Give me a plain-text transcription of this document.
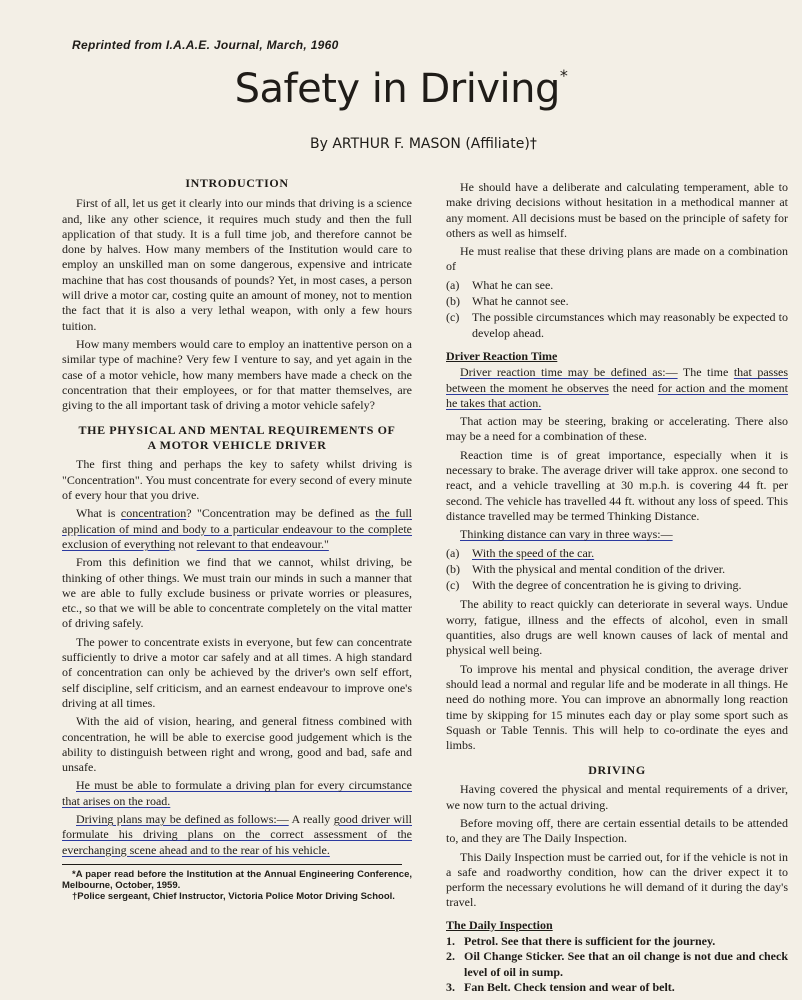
Reprinted from I.A.A.E. Journal, March, 1960
Safety in Driving*
By ARTHUR F. MASON (Affiliate)†
INTRODUCTION

First of all, let us get it clearly into our minds that driving is a science and, like any other science, it requires much study and then the full application of that study. It is a full time job, and therefore cannot be done by halves. How many members of the Institution would care to employ an unskilled man on some dangerous, expensive and intricate machine that has cost thousands of pounds? Yet, in most cases, a person will drive a motor car, costing quite an amount of money, not to mention the fact that it is also a very lethal weapon, with only a few hours tuition.

How many members would care to employ an inattentive person on a similar type of machine? Very few I venture to say, and yet again in the case of a motor vehicle, how many members have made a check on the concentration that their employees, or for that matter themselves, are giving to the all important task of driving a motor vehicle safely?

THE PHYSICAL AND MENTAL REQUIREMENTS OF
A MOTOR VEHICLE DRIVER

The first thing and perhaps the key to safety whilst driving is "Concentration". You must concentrate for every second of every minute of every hour that you drive.

What is concentration? "Concentration may be defined as the full application of mind and body to a particular endeavour to the complete exclusion of everything not relevant to that endeavour."

From this definition we find that we cannot, whilst driving, be thinking of other things. We must train our minds in such a manner that we are able to fully exclude business or private worries or pleasures, etc., so that we will be able to concentrate completely on the vital matter of driving safely.

The power to concentrate exists in everyone, but few can concentrate sufficiently to drive a motor car safely and at all times. A high standard of concentration can only be achieved by the driver's own self effort, self discipline, self criticism, and an earnest endeavour to improve one's driving at all times.

With the aid of vision, hearing, and general fitness combined with concentration, he will be able to exercise good judgement which is the ability to distinguish between right and wrong, good and bad, safe and unsafe.

He must be able to formulate a driving plan for every circumstance that arises on the road.

Driving plans may be defined as follows:— A really good driver will formulate his driving plans on the correct assessment of the everchanging scene ahead and to the rear of his vehicle.

*A paper read before the Institution at the Annual Engineering Conference, Melbourne, October, 1959.

†Police sergeant, Chief Instructor, Victoria Police Motor Driving School.

He should have a deliberate and calculating temperament, able to make driving decisions without hesitation in a methodical manner at any moment. All decisions must be based on the principle of safety for others as well as himself.

He must realise that these driving plans are made on a combination of

(a)	What he can see.
(b)	What he cannot see.
(c)	The possible circumstances which may reasonably be expected to develop ahead.
Driver Reaction Time

Driver reaction time may be defined as:— The time that passes between the moment he observes the need for action and the moment he takes that action.

That action may be steering, braking or accelerating. There also may be a need for a combination of these.

Reaction time is of great importance, especially when it is necessary to brake. The average driver will take approx. one second to react, and a vehicle travelling at 30 m.p.h. is covering 44 ft. per second. The vehicle has travelled 44 ft. without any loss of speed. This distance travelled may be termed Thinking Distance.

Thinking distance can vary in three ways:—

(a)	With the speed of the car.
(b)	With the physical and mental condition of the driver.
(c)	With the degree of concentration he is giving to driving.

The ability to react quickly can deteriorate in several ways. Undue worry, fatigue, illness and the effects of alcohol, even in small quantities, also drugs are well known causes of lack of mental and physical well being.

To improve his mental and physical condition, the average driver should lead a normal and regular life and be moderate in all things. He need do nothing more. You can improve an abnormally long reaction time by skipping for 15 minutes each day or play some sport such as Squash or Table Tennis. This will help to co-ordinate the eyes and limbs.

DRIVING

Having covered the physical and mental requirements of a driver, we now turn to the actual driving.

Before moving off, there are certain essential details to be attended to, and they are The Daily Inspection.

This Daily Inspection must be carried out, for if the vehicle is not in a safe and roadworthy condition, how can the driver expect it to perform the necessary evolutions he will demand of it during the day's travel.

The Daily Inspection
1. Petrol. See that there is sufficient for the journey.
2. Oil Change Sticker. See that an oil change is not due and check level of oil in sump.
3. Fan Belt. Check tension and wear of belt.
